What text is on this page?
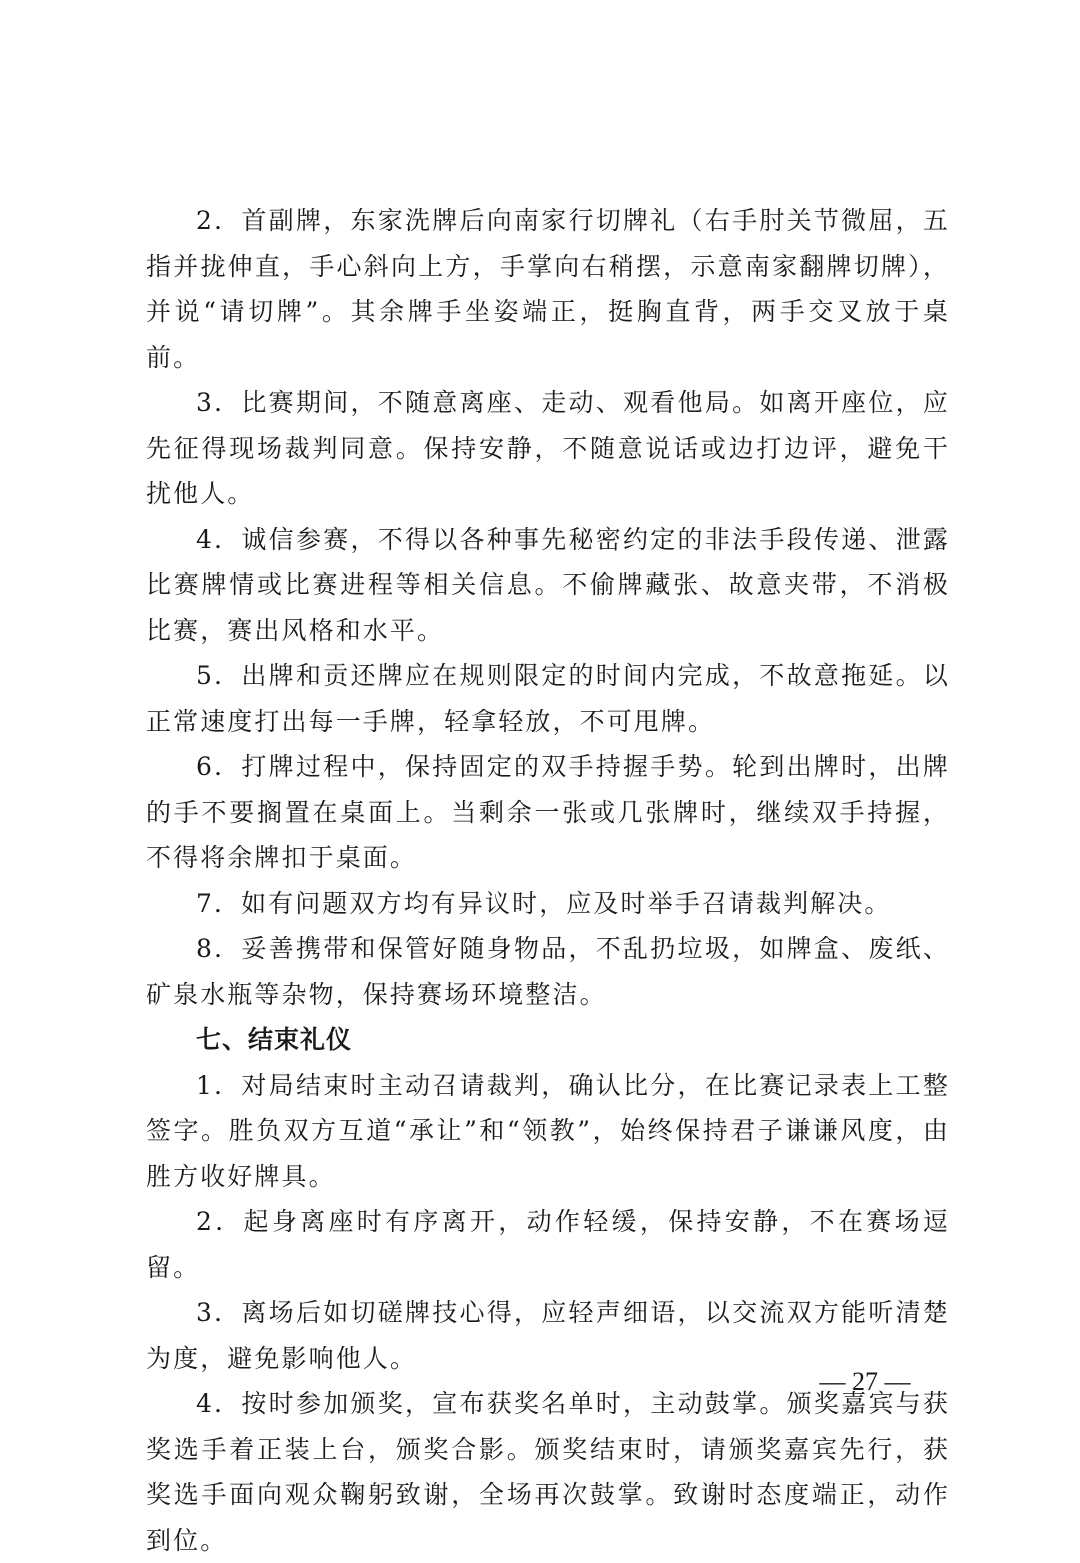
2．首副牌，东家洗牌后向南家行切牌礼（右手肘关节微屈，五指并拢伸直，手心斜向上方，手掌向右稍摆，示意南家翻牌切牌），并说“请切牌”。其余牌手坐姿端正，挺胸直背，两手交叉放于桌前。

3．比赛期间，不随意离座、走动、观看他局。如离开座位，应先征得现场裁判同意。保持安静，不随意说话或边打边评，避免干扰他人。

4．诚信参赛，不得以各种事先秘密约定的非法手段传递、泄露比赛牌情或比赛进程等相关信息。不偷牌藏张、故意夹带，不消极比赛，赛出风格和水平。

5．出牌和贡还牌应在规则限定的时间内完成，不故意拖延。以正常速度打出每一手牌，轻拿轻放，不可甩牌。

6．打牌过程中，保持固定的双手持握手势。轮到出牌时，出牌的手不要搁置在桌面上。当剩余一张或几张牌时，继续双手持握，不得将余牌扣于桌面。

7．如有问题双方均有异议时，应及时举手召请裁判解决。

8．妥善携带和保管好随身物品，不乱扔垃圾，如牌盒、废纸、矿泉水瓶等杂物，保持赛场环境整洁。

七、结束礼仪

1．对局结束时主动召请裁判，确认比分，在比赛记录表上工整签字。胜负双方互道“承让”和“领教”，始终保持君子谦谦风度，由胜方收好牌具。

2．起身离座时有序离开，动作轻缓，保持安静，不在赛场逗留。

3．离场后如切磋牌技心得，应轻声细语，以交流双方能听清楚为度，避免影响他人。

4．按时参加颁奖，宣布获奖名单时，主动鼓掌。颁奖嘉宾与获奖选手着正装上台，颁奖合影。颁奖结束时，请颁奖嘉宾先行，获奖选手面向观众鞠躬致谢，全场再次鼓掌。致谢时态度端正，动作到位。

— 27 —
